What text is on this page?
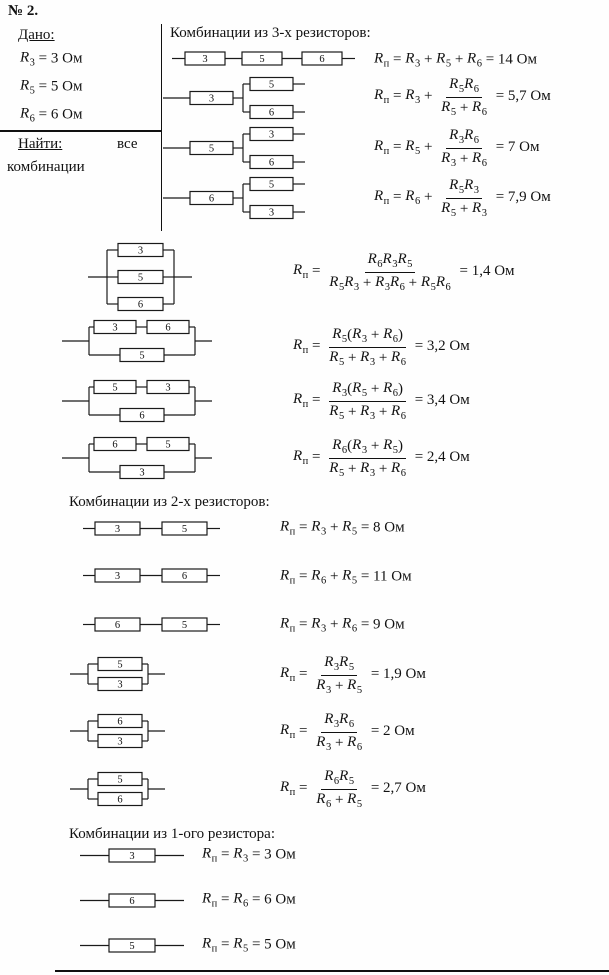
№ 2.
Дано:
Найти:	все
комбинации
$R_3 = 3$ Ом
$R_5 = 5$ Ом
$R_6 = 6$ Ом
Комбинации из 3-х резисторов:
3	5	6	$R_п = R_3 + R_5 + R_6 = 14$ Ом
3
5
6
$R_п = R_3 + \frac{R_5 R_6}{R_5 + R_6} = 5,7$ Ом
5
3
6
$R_п = R_5 + \frac{R_3 R_6}{R_3 + R_6} = 7$ Ом
6
5
3
$R_п = R_6 + \frac{R_5 R_3}{R_5 + R_3} = 7,9$ Ом
3
5
6
$R_п = \frac{R_6 R_3 R_5}{R_5 R_3 + R_3 R_6 + R_5 R_6} = 1,4$ Ом
3	6
5
$R_п = \frac{R_5 ( R_3 + R_6 )}{R_5 + R_3 + R_6} = 3,2$ Ом
5	3
6
$R_п = \frac{R_3 ( R_5 + R_6 )}{R_5 + R_3 + R_6} = 3,4$ Ом
6	5
3
$R_п = \frac{R_6 ( R_3 + R_5 )}{R_5 + R_3 + R_6} = 2,4$ Ом
Комбинации из 2-х резисторов:
3	5	$R_п = R_3 + R_5 = 8$ Ом
3	6	$R_п = R_6 + R_5 = 11$ Ом
6	5	$R_п = R_3 + R_6 = 9$ Ом
5
3
$R_п = \frac{R_3 R_5}{R_3 + R_5} = 1,9$ Ом
6
3
$R_п = \frac{R_3 R_6}{R_3 + R_6} = 2$ Ом
5
6
$R_п = \frac{R_6 R_5}{R_6 + R_5} = 2,7$ Ом
Комбинации из 1-ого резистора:
3	$R_п = R_3 = 3$ Ом
6	$R_п = R_6 = 6$ Ом
5	$R_п = R_5 = 5$ Ом
